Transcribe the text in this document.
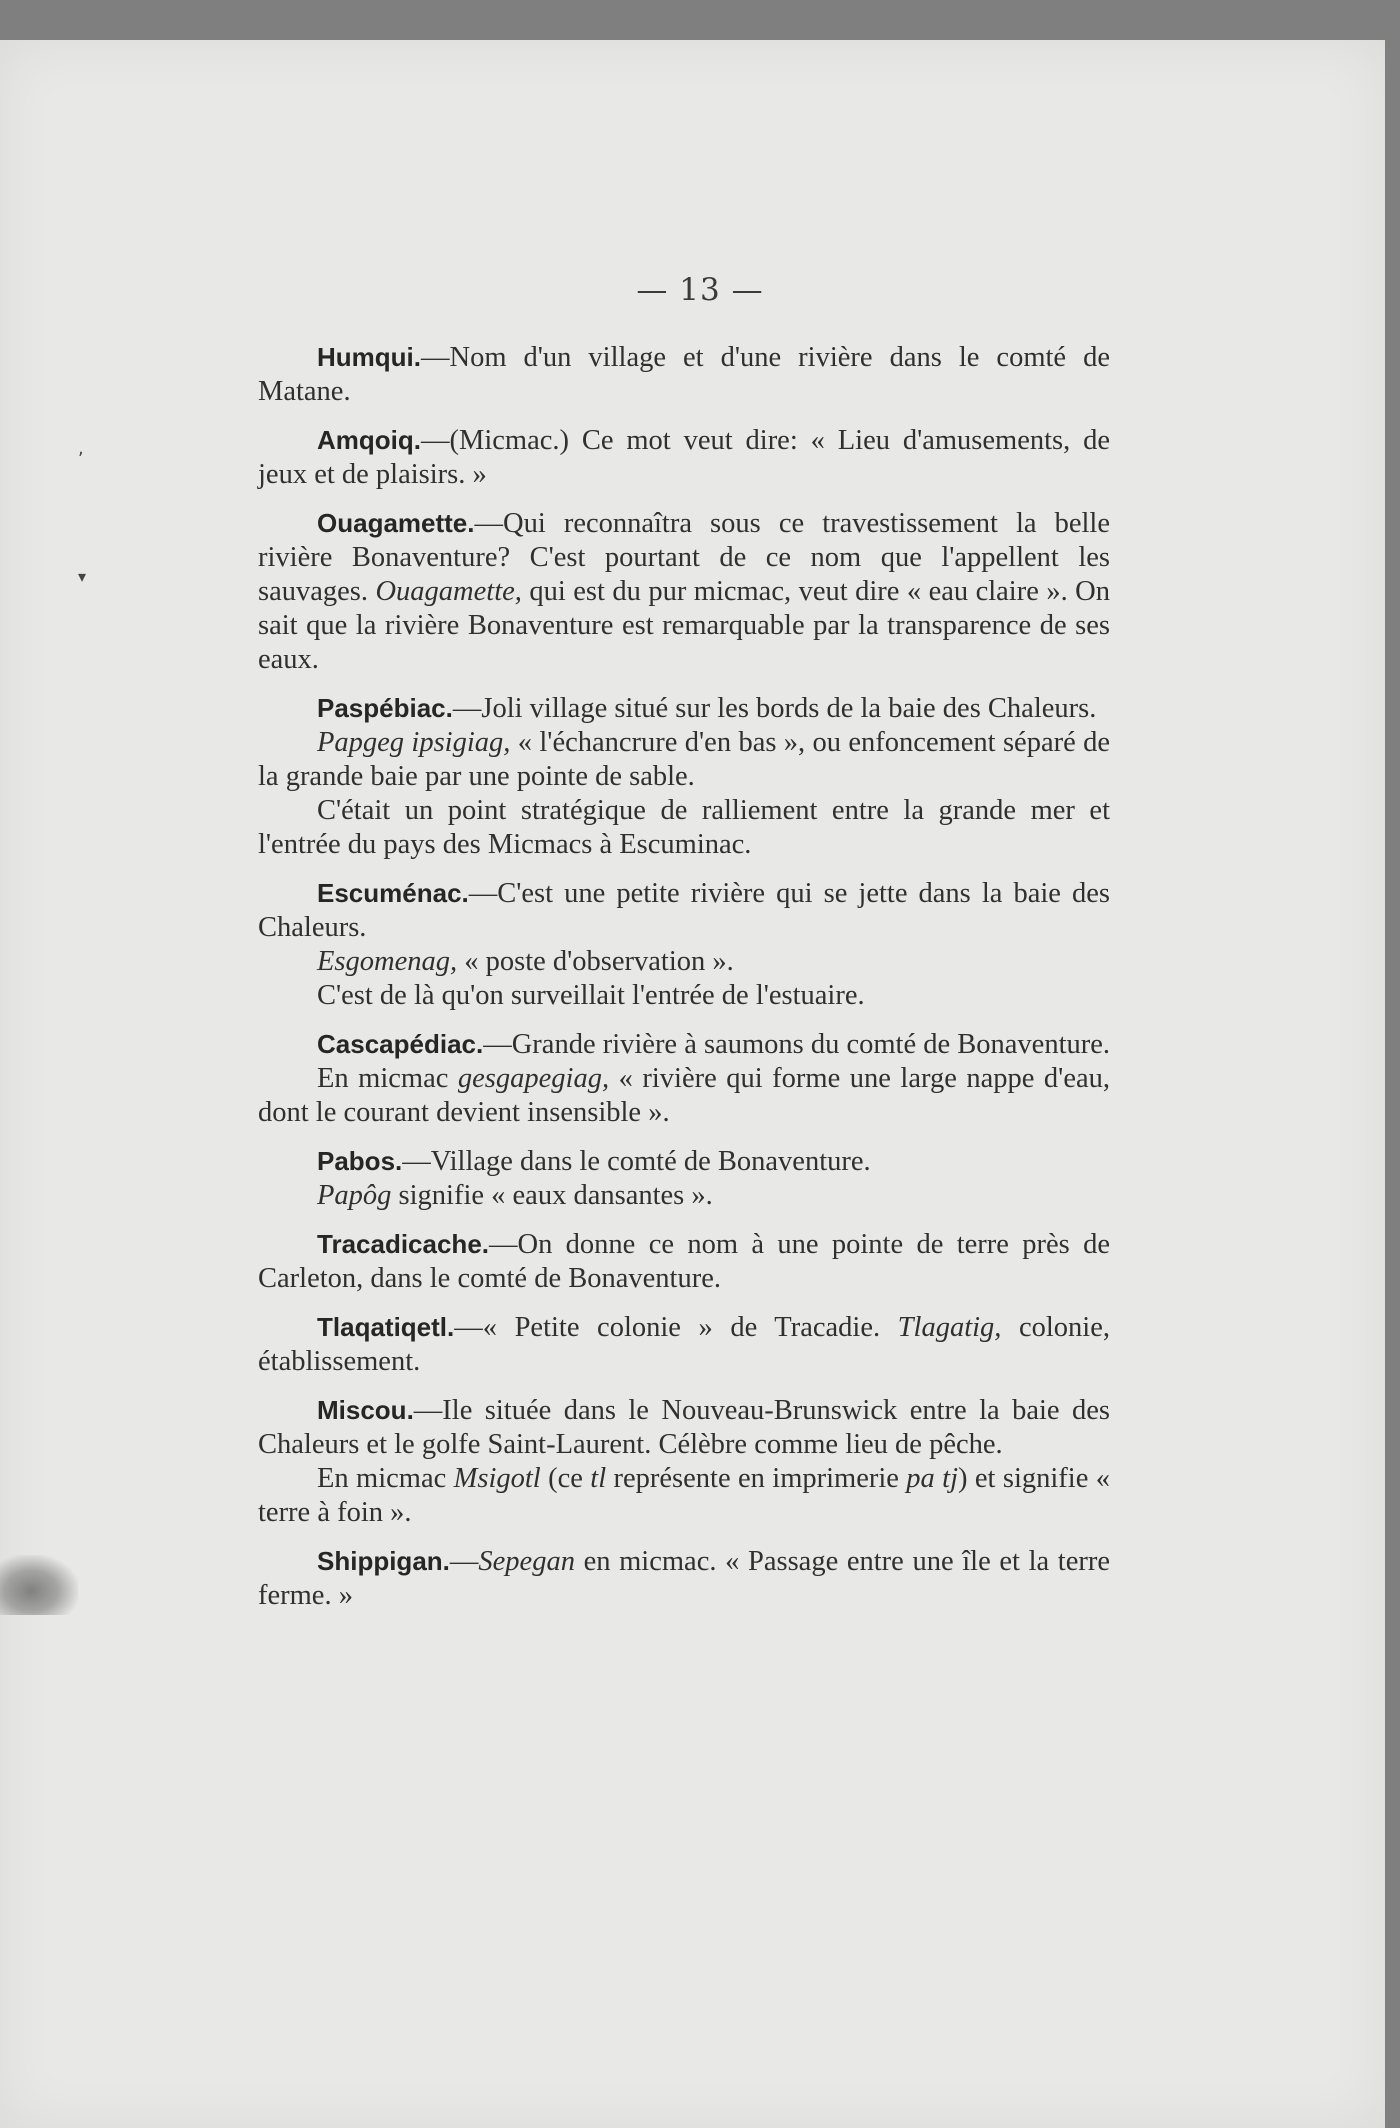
,
▾
— 13 —

Humqui.—Nom d'un village et d'une rivière dans le comté de Matane.

Amqoiq.—(Micmac.) Ce mot veut dire: « Lieu d'amusements, de jeux et de plaisirs. »

Ouagamette.—Qui reconnaîtra sous ce travestissement la belle rivière Bonaventure? C'est pourtant de ce nom que l'appellent les sauvages. Ouagamette, qui est du pur micmac, veut dire « eau claire ». On sait que la rivière Bonaventure est remarquable par la transparence de ses eaux.

Paspébiac.—Joli village situé sur les bords de la baie des Chaleurs.

Papgeg ipsigiag, « l'échancrure d'en bas », ou enfoncement séparé de la grande baie par une pointe de sable.

C'était un point stratégique de ralliement entre la grande mer et l'entrée du pays des Micmacs à Escuminac.

Escuménac.—C'est une petite rivière qui se jette dans la baie des Chaleurs.

Esgomenag, « poste d'observation ».

C'est de là qu'on surveillait l'entrée de l'estuaire.

Cascapédiac.—Grande rivière à saumons du comté de Bonaventure.

En micmac gesgapegiag, « rivière qui forme une large nappe d'eau, dont le courant devient insensible ».

Pabos.—Village dans le comté de Bonaventure.

Papôg signifie « eaux dansantes ».

Tracadicache.—On donne ce nom à une pointe de terre près de Carleton, dans le comté de Bonaventure.

Tlaqatiqetl.—« Petite colonie » de Tracadie. Tlagatig, colonie, établissement.

Miscou.—Ile située dans le Nouveau-Brunswick entre la baie des Chaleurs et le golfe Saint-Laurent. Célèbre comme lieu de pêche.

En micmac Msigotl (ce tl représente en imprimerie pa tj) et signifie « terre à foin ».

Shippigan.—Sepegan en micmac. « Passage entre une île et la terre ferme. »
